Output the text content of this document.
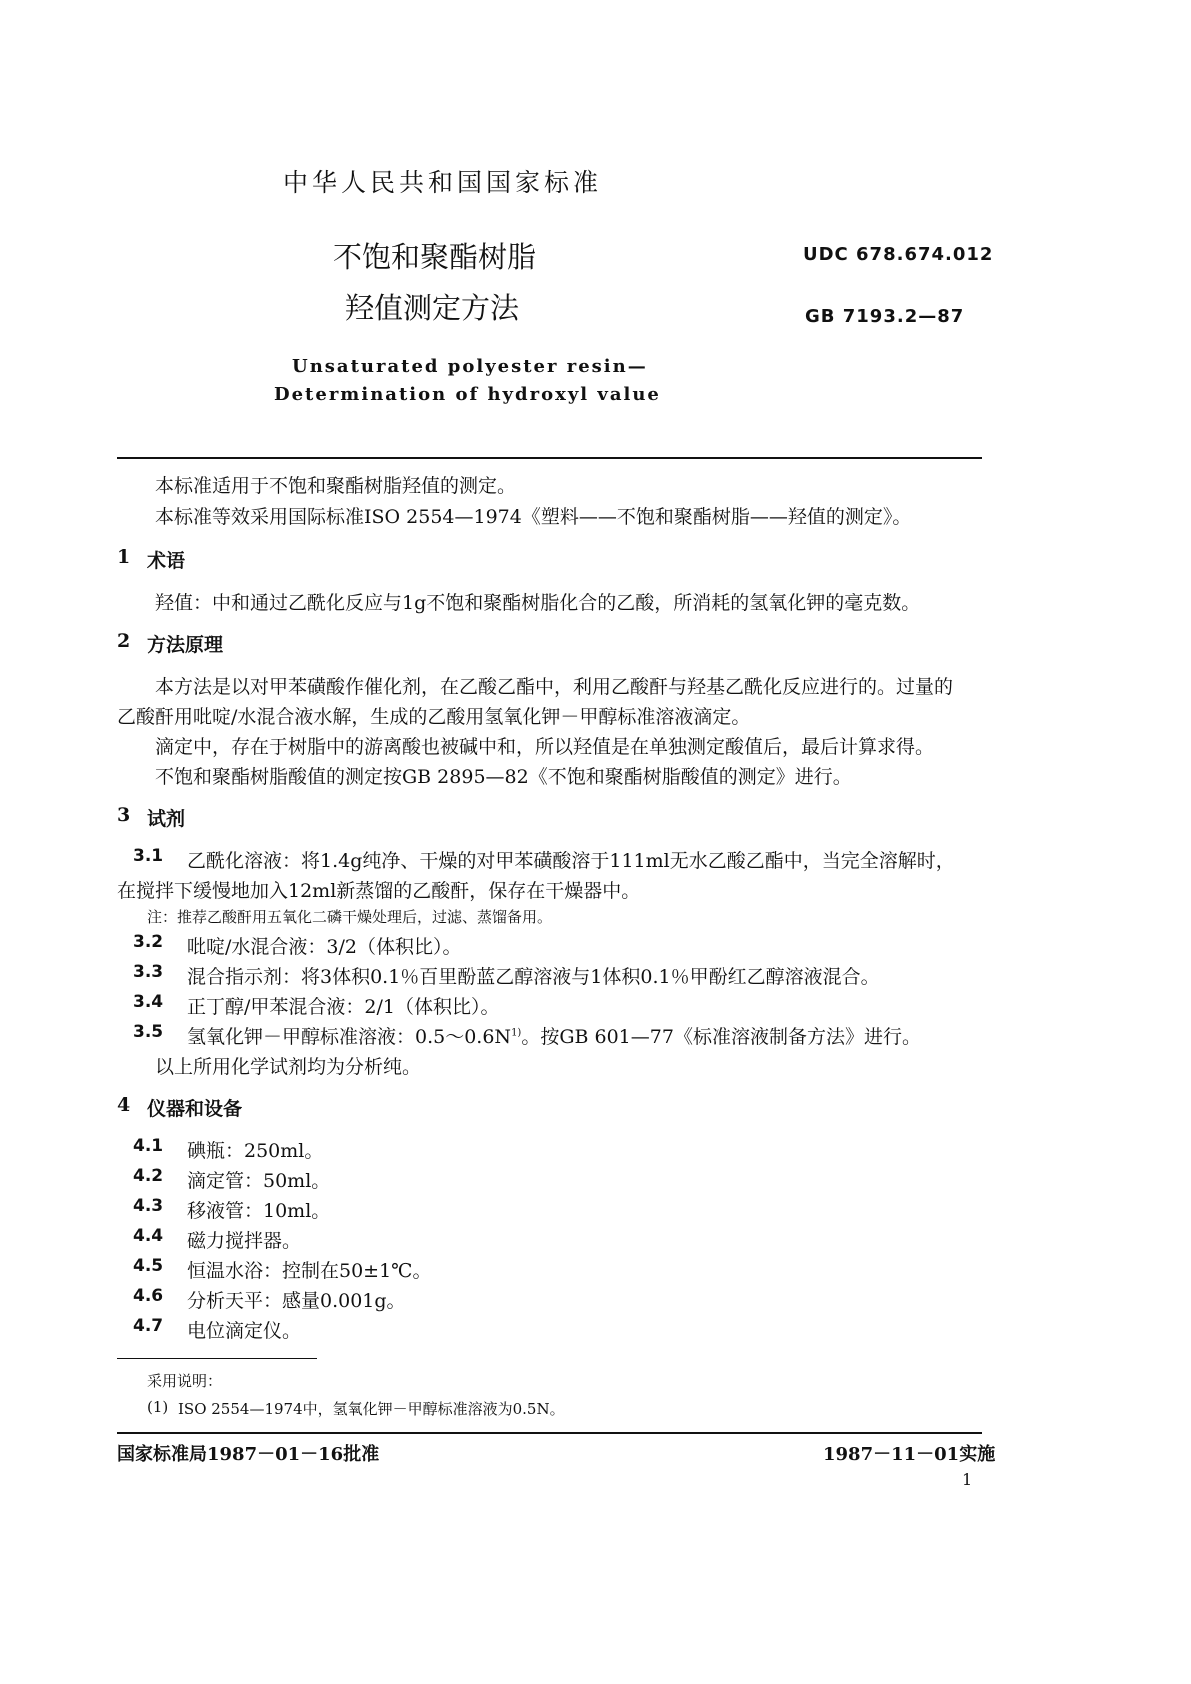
中华人民共和国国家标准
不饱和聚酯树脂
羟值测定方法
UDC 678.674.012
GB 7193.2—87
Unsaturated polyester resin—
Determination of hydroxyl value
本标准适用于不饱和聚酯树脂羟值的测定。
本标准等效采用国际标准ISO 2554—1974《塑料——不饱和聚酯树脂——羟值的测定》。
1 术语
羟值：中和通过乙酰化反应与1g不饱和聚酯树脂化合的乙酸，所消耗的氢氧化钾的毫克数。
2 方法原理
本方法是以对甲苯磺酸作催化剂，在乙酸乙酯中，利用乙酸酐与羟基乙酰化反应进行的。过量的
乙酸酐用吡啶/水混合液水解，生成的乙酸用氢氧化钾－甲醇标准溶液滴定。
滴定中，存在于树脂中的游离酸也被碱中和，所以羟值是在单独测定酸值后，最后计算求得。
不饱和聚酯树脂酸值的测定按GB 2895—82《不饱和聚酯树脂酸值的测定》进行。
3 试剂
3.1 乙酰化溶液：将1.4g纯净、干燥的对甲苯磺酸溶于111ml无水乙酸乙酯中，当完全溶解时，
在搅拌下缓慢地加入12ml新蒸馏的乙酸酐，保存在干燥器中。
注：推荐乙酸酐用五氧化二磷干燥处理后，过滤、蒸馏备用。
3.2 吡啶/水混合液：3/2（体积比）。
3.3 混合指示剂：将3体积0.1％百里酚蓝乙醇溶液与1体积0.1％甲酚红乙醇溶液混合。
3.4 正丁醇/甲苯混合液：2/1（体积比）。
3.5 氢氧化钾－甲醇标准溶液：$0.5\sim 0.6N^{1)}$。按GB 601—77《标准溶液制备方法》进行。
以上所用化学试剂均为分析纯。
4 仪器和设备
4.1 碘瓶：250ml。
4.2 滴定管：50ml。
4.3 移液管：10ml。
4.4 磁力搅拌器。
4.5 恒温水浴：控制在50±1℃。
4.6 分析天平：感量0.001g。
4.7 电位滴定仪。
采用说明：
(1) ISO 2554—1974中，氢氧化钾－甲醇标准溶液为0.5N。
国家标准局1987－01－16批准	1987－11－01实施
1
